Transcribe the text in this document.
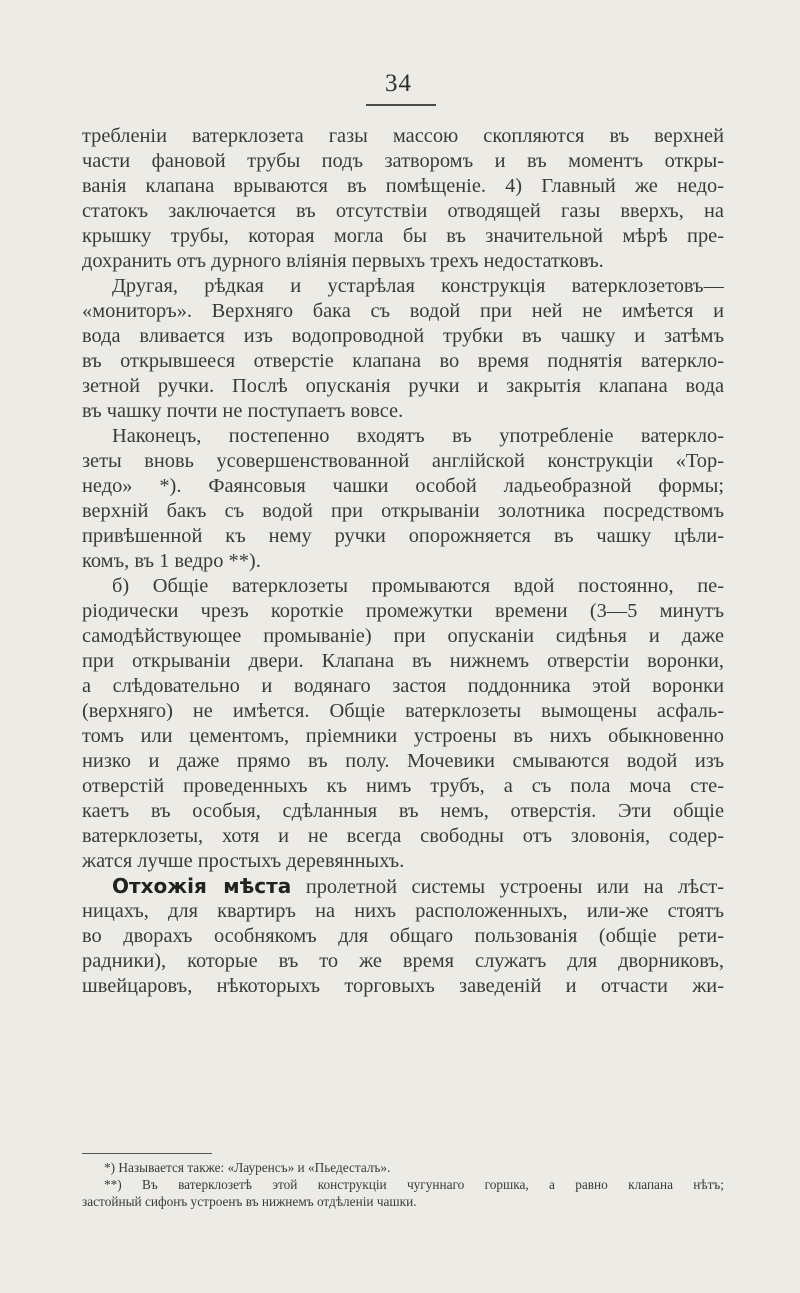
34
требленіи ватерклозета газы массою скопляются въ верхней
части фановой трубы подъ затворомъ и въ моментъ откры-
ванія клапана врываются въ помѣщеніе. 4) Главный же недо-
статокъ заключается въ отсутствіи отводящей газы вверхъ, на
крышку трубы, которая могла бы въ значительной мѣрѣ пре-
дохранить отъ дурного вліянія первыхъ трехъ недостатковъ.
Другая, рѣдкая и устарѣлая конструкція ватерклозетовъ—
«мониторъ». Верхняго бака съ водой при ней не имѣется и
вода вливается изъ водопроводной трубки въ чашку и затѣмъ
въ открывшееся отверстіе клапана во время поднятія ватеркло-
зетной ручки. Послѣ опусканія ручки и закрытія клапана вода
въ чашку почти не поступаетъ вовсе.
Наконецъ, постепенно входятъ въ употребленіе ватерклo-
зеты вновь усовершенствованной англійской конструкціи «Тор-
недо» *). Фаянсовыя чашки особой ладьеобразной формы;
верхній бакъ съ водой при открываніи золотника посредствомъ
привѣшенной къ нему ручки опорожняется въ чашку цѣли-
комъ, въ 1 ведро **).
б) Общіе ватерклозеты промываются вдой постоянно, пе-
ріодически чрезъ короткіе промежутки времени (3—5 минутъ
самодѣйствующее промываніе) при опусканіи сидѣнья и даже
при открываніи двери. Клапана въ нижнемъ отверстіи воронки,
а слѣдовательно и водянаго застоя поддонника этой воронки
(верхняго) не имѣется. Общіе ватерклозеты вымощены асфаль-
томъ или цементомъ, пріемники устроены въ нихъ обыкновенно
низко и даже прямо въ полу. Мочевики смываются водой изъ
отверстій проведенныхъ къ нимъ трубъ, а съ пола моча сте-
каетъ въ особыя, сдѣланныя въ немъ, отверстія. Эти общіе
ватерклозеты, хотя и не всегда свободны отъ зловонія, содер-
жатся лучше простыхъ деревянныхъ.
Отхожія мѣста пролетной системы устроены или на лѣст-
ницахъ, для квартиръ на нихъ расположенныхъ, или-же стоятъ
во дворахъ особнякомъ для общаго пользованія (общіе рети-
радники), которые въ то же время служатъ для дворниковъ,
швейцаровъ, нѣкоторыхъ торговыхъ заведеній и отчасти жи-
*) Называется также: «Лауренсъ» и «Пьедесталъ».
**) Въ ватерклозетѣ этой конструкціи чугуннаго горшка, а равно клапана нѣтъ;
застойный сифонъ устроенъ въ нижнемъ отдѣленіи чашки.
